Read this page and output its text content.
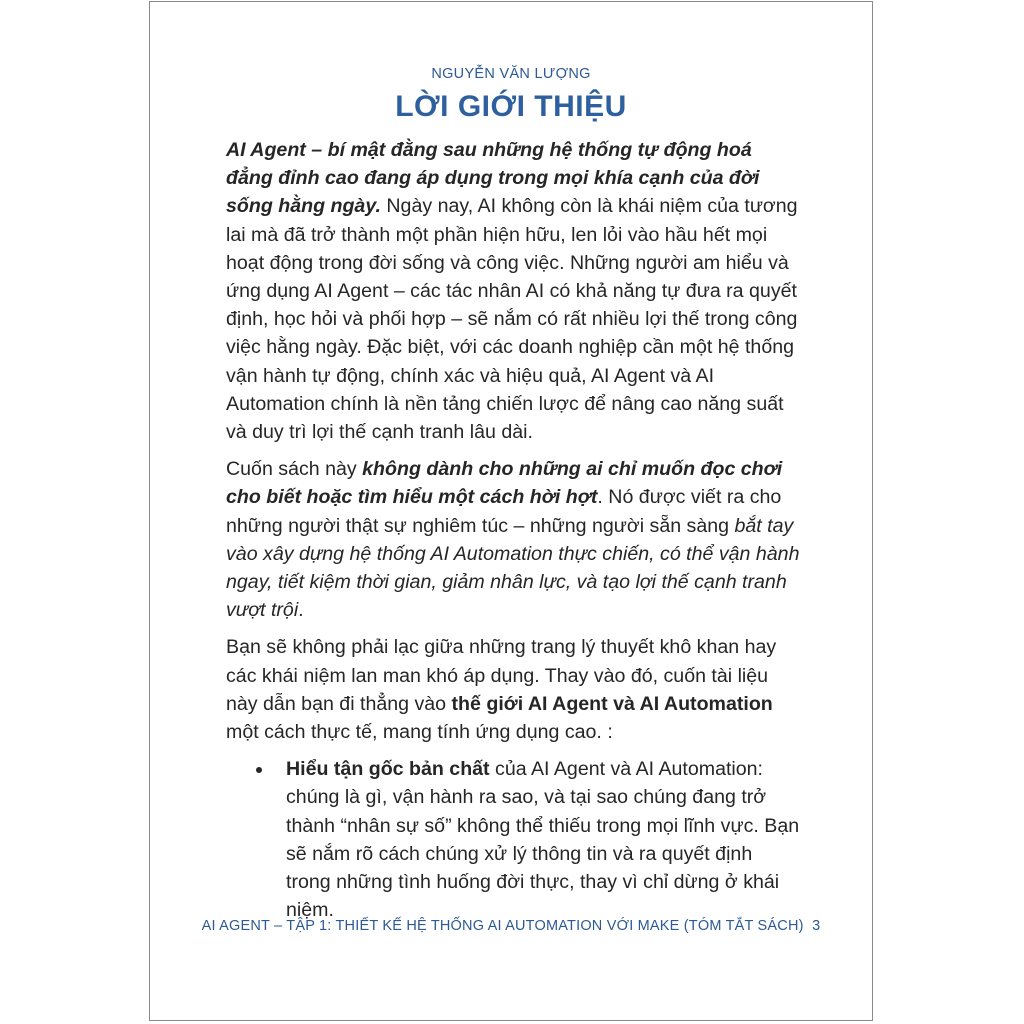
NGUYỄN VĂN LƯỢNG
LỜI GIỚI THIỆU

AI Agent – bí mật đằng sau những hệ thống tự động hoá đẳng đỉnh cao đang áp dụng trong mọi khía cạnh của đời sống hằng ngày. Ngày nay, AI không còn là khái niệm của tương lai mà đã trở thành một phần hiện hữu, len lỏi vào hầu hết mọi hoạt động trong đời sống và công việc. Những người am hiểu và ứng dụng AI Agent – các tác nhân AI có khả năng tự đưa ra quyết định, học hỏi và phối hợp – sẽ nắm có rất nhiều lợi thế trong công việc hằng ngày. Đặc biệt, với các doanh nghiệp cần một hệ thống vận hành tự động, chính xác và hiệu quả, AI Agent và AI Automation chính là nền tảng chiến lược để nâng cao năng suất và duy trì lợi thế cạnh tranh lâu dài.

Cuốn sách này không dành cho những ai chỉ muốn đọc chơi cho biết hoặc tìm hiểu một cách hời hợt. Nó được viết ra cho những người thật sự nghiêm túc – những người sẵn sàng bắt tay vào xây dựng hệ thống AI Automation thực chiến, có thể vận hành ngay, tiết kiệm thời gian, giảm nhân lực, và tạo lợi thế cạnh tranh vượt trội.

Bạn sẽ không phải lạc giữa những trang lý thuyết khô khan hay các khái niệm lan man khó áp dụng. Thay vào đó, cuốn tài liệu này dẫn bạn đi thẳng vào thế giới AI Agent và AI Automation một cách thực tế, mang tính ứng dụng cao. :

Hiểu tận gốc bản chất của AI Agent và AI Automation: chúng là gì, vận hành ra sao, và tại sao chúng đang trở thành “nhân sự số” không thể thiếu trong mọi lĩnh vực. Bạn sẽ nắm rõ cách chúng xử lý thông tin và ra quyết định trong những tình huống đời thực, thay vì chỉ dừng ở khái niệm.
AI AGENT – TẬP 1: THIẾT KẾ HỆ THỐNG AI AUTOMATION VỚI MAKE (TÓM TẮT SÁCH) 3
